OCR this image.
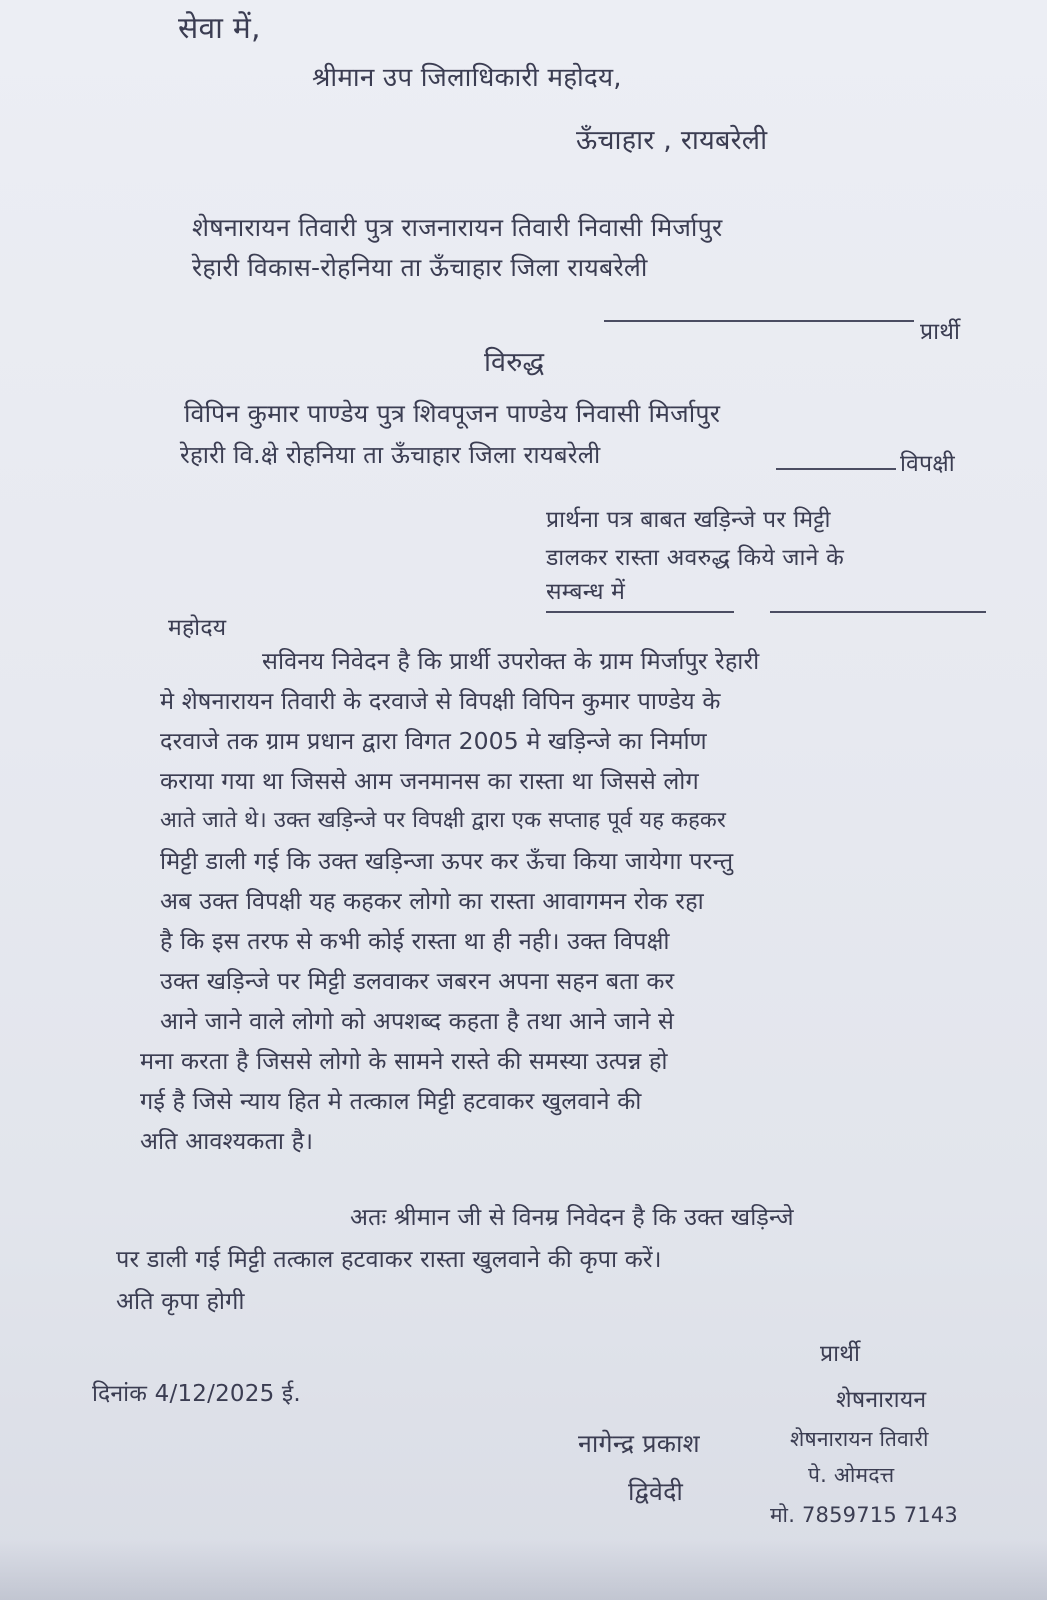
सेवा में,
श्रीमान उप जिलाधिकारी महोदय,
ऊँचाहार , रायबरेली
शेषनारायन तिवारी पुत्र राजनारायन तिवारी निवासी मिर्जापुर
रेहारी विकास-रोहनिया ता ऊँचाहार जिला रायबरेली
प्रार्थी
विरुद्ध
विपिन कुमार पाण्डेय पुत्र शिवपूजन पाण्डेय निवासी मिर्जापुर
रेहारी वि.क्षे रोहनिया ता ऊँचाहार जिला रायबरेली	विपक्षी
प्रार्थना पत्र बाबत खड़िन्जे पर मिट्टी
डालकर रास्ता अवरुद्ध किये जाने के
सम्बन्ध में
महोदय
सविनय निवेदन है कि प्रार्थी उपरोक्त के ग्राम मिर्जापुर रेहारी
मे शेषनारायन तिवारी के दरवाजे से विपक्षी विपिन कुमार पाण्डेय के
दरवाजे तक ग्राम प्रधान द्वारा विगत 2005 मे खड़िन्जे का निर्माण
कराया गया था जिससे आम जनमानस का रास्ता था जिससे लोग
आते जाते थे। उक्त खड़िन्जे पर विपक्षी द्वारा एक सप्ताह पूर्व यह कहकर
मिट्टी डाली गई कि उक्त खड़िन्जा ऊपर कर ऊँचा किया जायेगा परन्तु
अब उक्त विपक्षी यह कहकर लोगो का रास्ता आवागमन रोक रहा
है कि इस तरफ से कभी कोई रास्ता था ही नही। उक्त विपक्षी
उक्त खड़िन्जे पर मिट्टी डलवाकर जबरन अपना सहन बता कर
आने जाने वाले लोगो को अपशब्द कहता है तथा आने जाने से
मना करता है जिससे लोगो के सामने रास्ते की समस्या उत्पन्न हो
गई है जिसे न्याय हित मे तत्काल मिट्टी हटवाकर खुलवाने की
अति आवश्यकता है।
अतः श्रीमान जी से विनम्र निवेदन है कि उक्त खड़िन्जे
पर डाली गई मिट्टी तत्काल हटवाकर रास्ता खुलवाने की कृपा करें।
अति कृपा होगी
प्रार्थी
दिनांक 4/12/2025 ई.	शेषनारायन
नागेन्द्र प्रकाश	शेषनारायन तिवारी
पे. ओमदत्त
द्विवेदी
मो. 7859715 7143
